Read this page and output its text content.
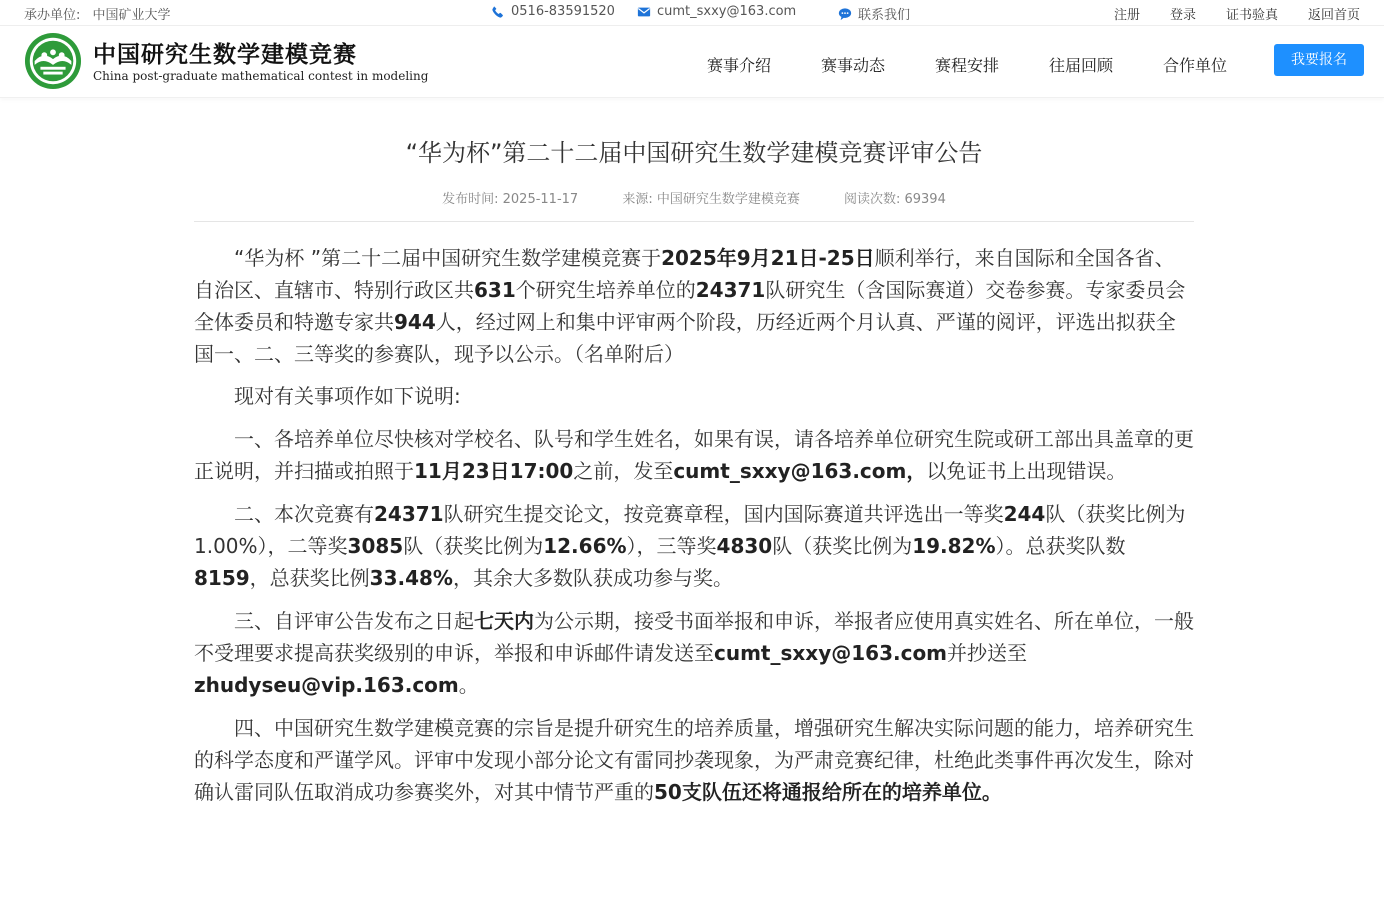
承办单位: 中国矿业大学	0516-83591520	cumt_sxxy@163.com	联系我们	注册 登录 证书验真 返回首页
中国研究生数学建模竞赛
China post-graduate mathematical contest in modeling
赛事介绍	赛事动态	赛程安排	往届回顾	合作单位	我要报名
“华为杯”第二十二届中国研究生数学建模竞赛评审公告
发布时间: 2025-11-17	来源: 中国研究生数学建模竞赛	阅读次数: 69394

“华为杯 ”第二十二届中国研究生数学建模竞赛于2025年9月21日-25日顺利举行，来自国际和全国各省、自治区、直辖市、特别行政区共631个研究生培养单位的24371队研究生（含国际赛道）交卷参赛。专家委员会全体委员和特邀专家共944人，经过网上和集中评审两个阶段，历经近两个月认真、严谨的阅评，评选出拟获全国一、二、三等奖的参赛队，现予以公示。（名单附后）

现对有关事项作如下说明:

一、各培养单位尽快核对学校名、队号和学生姓名，如果有误，请各培养单位研究生院或研工部出具盖章的更正说明，并扫描或拍照于11月23日17:00之前，发至cumt_sxxy@163.com，以免证书上出现错误。

二、本次竞赛有24371队研究生提交论文，按竞赛章程，国内国际赛道共评选出一等奖244队（获奖比例为1.00%），二等奖3085队（获奖比例为12.66%），三等奖4830队（获奖比例为19.82%）。总获奖队数 8159，总获奖比例33.48%，其余大多数队获成功参与奖。

三、自评审公告发布之日起七天内为公示期，接受书面举报和申诉，举报者应使用真实姓名、所在单位，一般不受理要求提高获奖级别的申诉，举报和申诉邮件请发送至cumt_sxxy@163.com并抄送至zhudyseu@vip.163.com。

四、中国研究生数学建模竞赛的宗旨是提升研究生的培养质量，增强研究生解决实际问题的能力，培养研究生的科学态度和严谨学风。评审中发现小部分论文有雷同抄袭现象，为严肃竞赛纪律，杜绝此类事件再次发生，除对确认雷同队伍取消成功参赛奖外，对其中情节严重的50支队伍还将通报给所在的培养单位。
